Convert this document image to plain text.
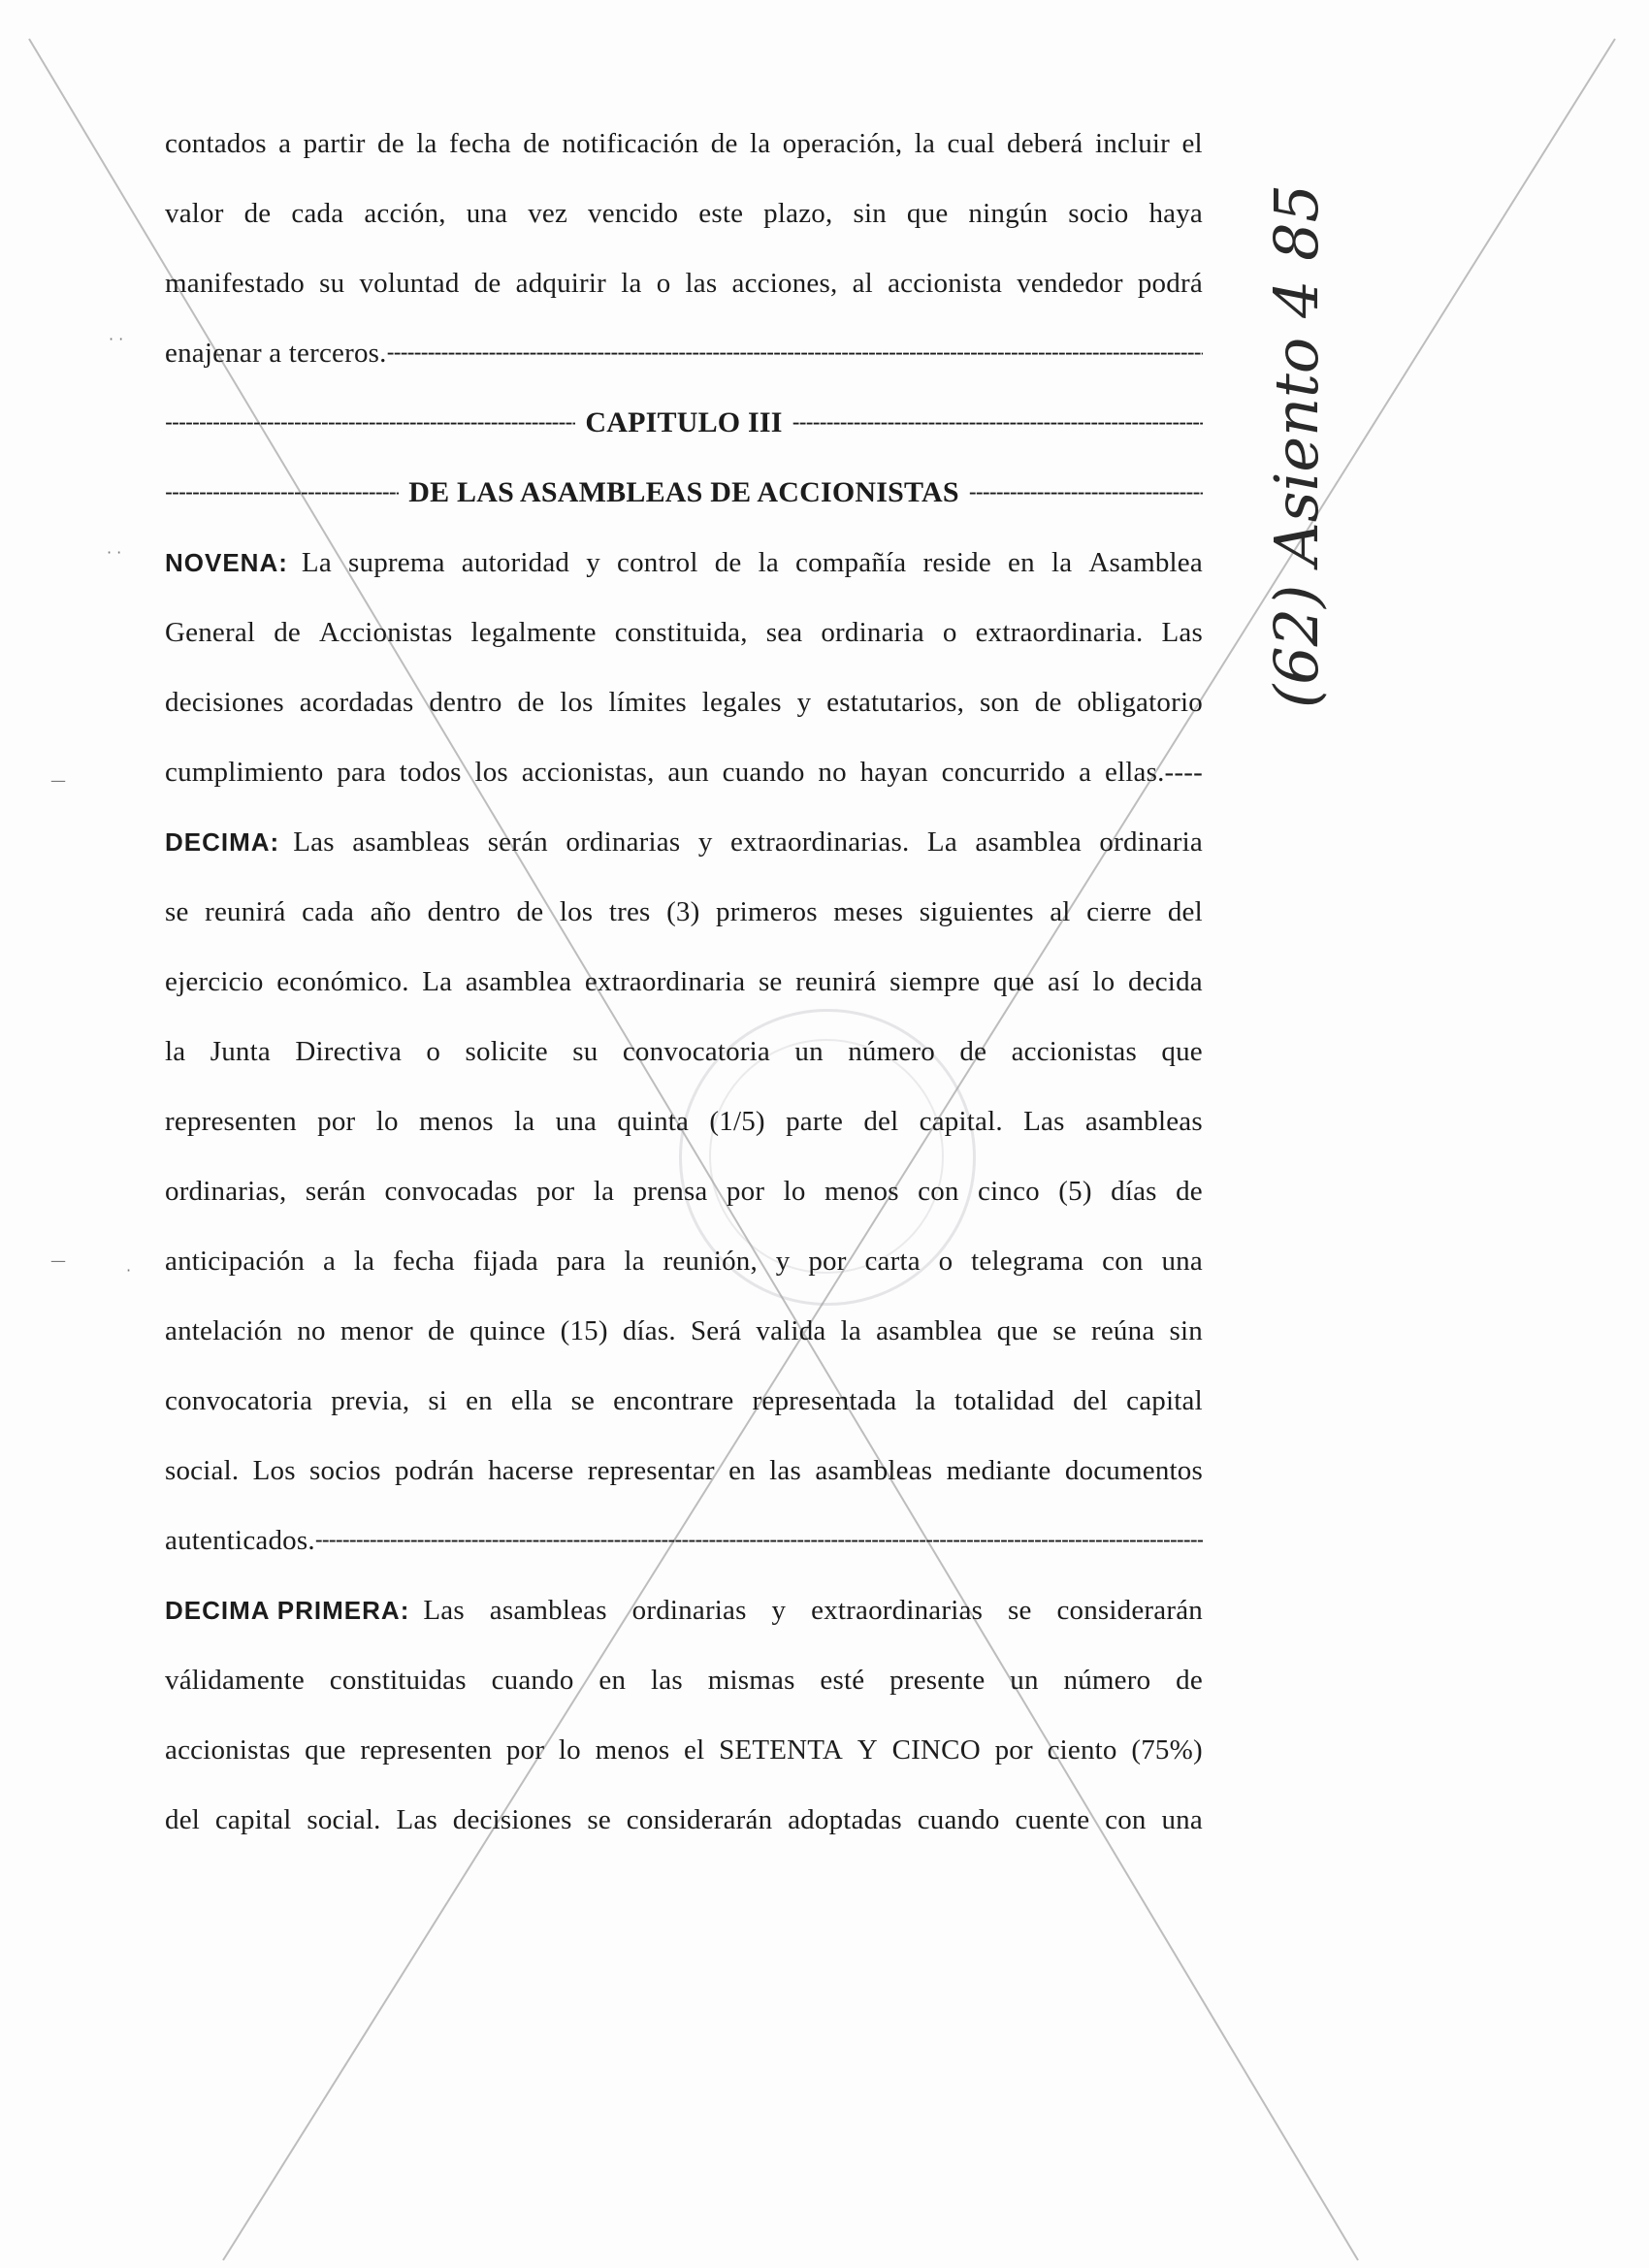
contados a partir de la fecha de notificación de la operación, la cual deberá incluir el
valor de cada acción, una vez vencido este plazo, sin que ningún socio haya
manifestado su voluntad de adquirir la o las acciones, al accionista vendedor podrá
enajenar a terceros.
-----
-----
CAPITULO III
-----
-----
DE LAS ASAMBLEAS DE ACCIONISTAS
-----
NOVENA: La suprema autoridad y control de la compañía reside en la Asamblea
General de Accionistas legalmente constituida, sea ordinaria o extraordinaria. Las
decisiones acordadas dentro de los límites legales y estatutarios, son de obligatorio
cumplimiento para todos los accionistas, aun cuando no hayan concurrido a ellas.----
DECIMA: Las asambleas serán ordinarias y extraordinarias. La asamblea ordinaria
se reunirá cada año dentro de los tres (3) primeros meses siguientes al cierre del
ejercicio económico. La asamblea extraordinaria se reunirá siempre que así lo decida
la Junta Directiva o solicite su convocatoria un número de accionistas que
representen por lo menos la una quinta (1/5) parte del capital. Las asambleas
ordinarias, serán convocadas por la prensa por lo menos con cinco (5) días de
anticipación a la fecha fijada para la reunión, y por carta o telegrama con una
antelación no menor de quince (15) días. Será valida la asamblea que se reúna sin
convocatoria previa, si en ella se encontrare representada la totalidad del capital
social. Los socios podrán hacerse representar en las asambleas mediante documentos
autenticados.
-----
DECIMA PRIMERA: Las asambleas ordinarias y extraordinarias se considerarán
válidamente constituidas cuando en las mismas esté presente un número de
accionistas que representen por lo menos el SETENTA Y CINCO por ciento (75%)
del capital social. Las decisiones se considerarán adoptadas cuando cuente con una
(62) Asiento 4 85
· ·
· ·
—
·
—
